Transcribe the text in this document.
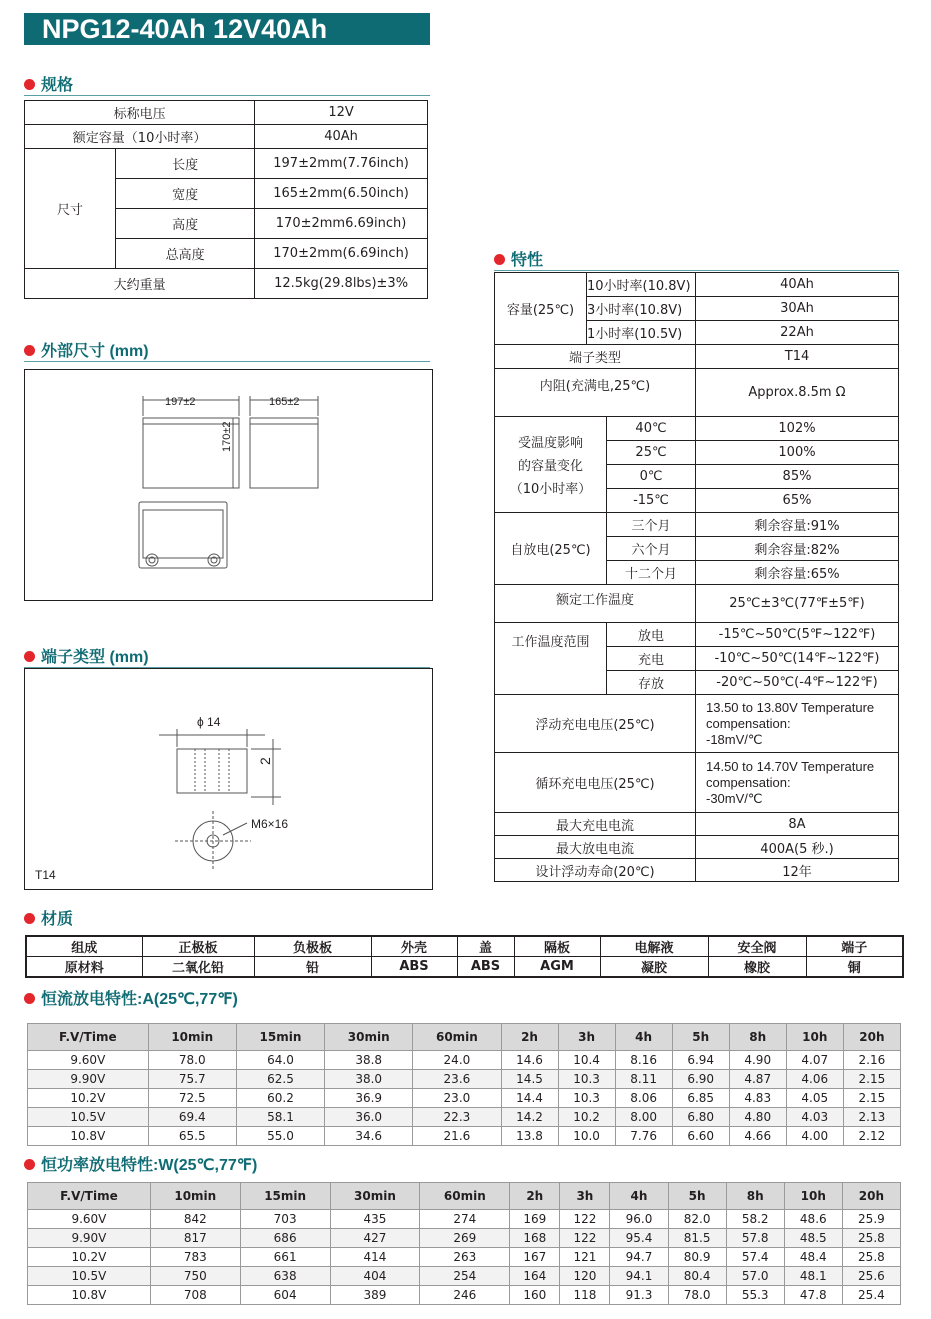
NPG12-40Ah 12V40Ah
规格
标称电压		12V
额定容量（10小时率）		40Ah
尺寸	长度	197±2mm(7.76inch)
	宽度	165±2mm(6.50inch)
	高度	170±2mm6.69inch)
	总高度	170±2mm(6.69inch)
大约重量		12.5kg(29.8lbs)±3%
外部尺寸 (mm)
197±2	165±2
170±2
端子类型 (mm)
ϕ 14
2
M6×16
T14
特性
容量(25℃)	10小时率(10.8V)		40Ah
	3小时率(10.8V)		30Ah
	1小时率(10.5V)		22Ah
端子类型			T14
内阻(充满电,25℃)			Approx.8.5m Ω

受温度影响
的容量变化
（10小时率）		40℃	102%
		25℃	100%
		0℃	85%
		-15℃	65%
自放电(25℃)		三个月	剩余容量:91%
		六个月	剩余容量:82%
		十二个月	剩余容量:65%
额定工作温度			25℃±3℃(77℉±5℉)
工作温度范围		放电	-15℃~50℃(5℉~122℉)
		充电	-10℃~50℃(14℉~122℉)
		存放	-20℃~50℃(-4℉~122℉)
浮动充电电压(25℃)			13.50 to 13.80V Temperature
compensation:
-18mV/℃

循环充电电压(25℃)			14.50 to 14.70V Temperature
compensation:
-30mV/℃

最大充电电流			8A
最大放电电流			400A(5 秒.)
设计浮动寿命(20℃)			12年
材质
组成	正极板	负极板	外壳	盖	隔板	电解液	安全阀	端子
原材料	二氧化铅	铅	ABS	ABS	AGM	凝胶	橡胶	铜
恒流放电特性:A(25℃,77℉)
F.V/Time	10min	15min	30min	60min	2h	3h	4h	5h	8h	10h	20h
9.60V	78.0	64.0	38.8	24.0	14.6	10.4	8.16	6.94	4.90	4.07	2.16
9.90V	75.7	62.5	38.0	23.6	14.5	10.3	8.11	6.90	4.87	4.06	2.15
10.2V	72.5	60.2	36.9	23.0	14.4	10.3	8.06	6.85	4.83	4.05	2.15
10.5V	69.4	58.1	36.0	22.3	14.2	10.2	8.00	6.80	4.80	4.03	2.13
10.8V	65.5	55.0	34.6	21.6	13.8	10.0	7.76	6.60	4.66	4.00	2.12
恒功率放电特性:W(25℃,77℉)
F.V/Time	10min	15min	30min	60min	2h	3h	4h	5h	8h	10h	20h
9.60V	842	703	435	274	169	122	96.0	82.0	58.2	48.6	25.9
9.90V	817	686	427	269	168	122	95.4	81.5	57.8	48.5	25.8
10.2V	783	661	414	263	167	121	94.7	80.9	57.4	48.4	25.8
10.5V	750	638	404	254	164	120	94.1	80.4	57.0	48.1	25.6
10.8V	708	604	389	246	160	118	91.3	78.0	55.3	47.8	25.4
